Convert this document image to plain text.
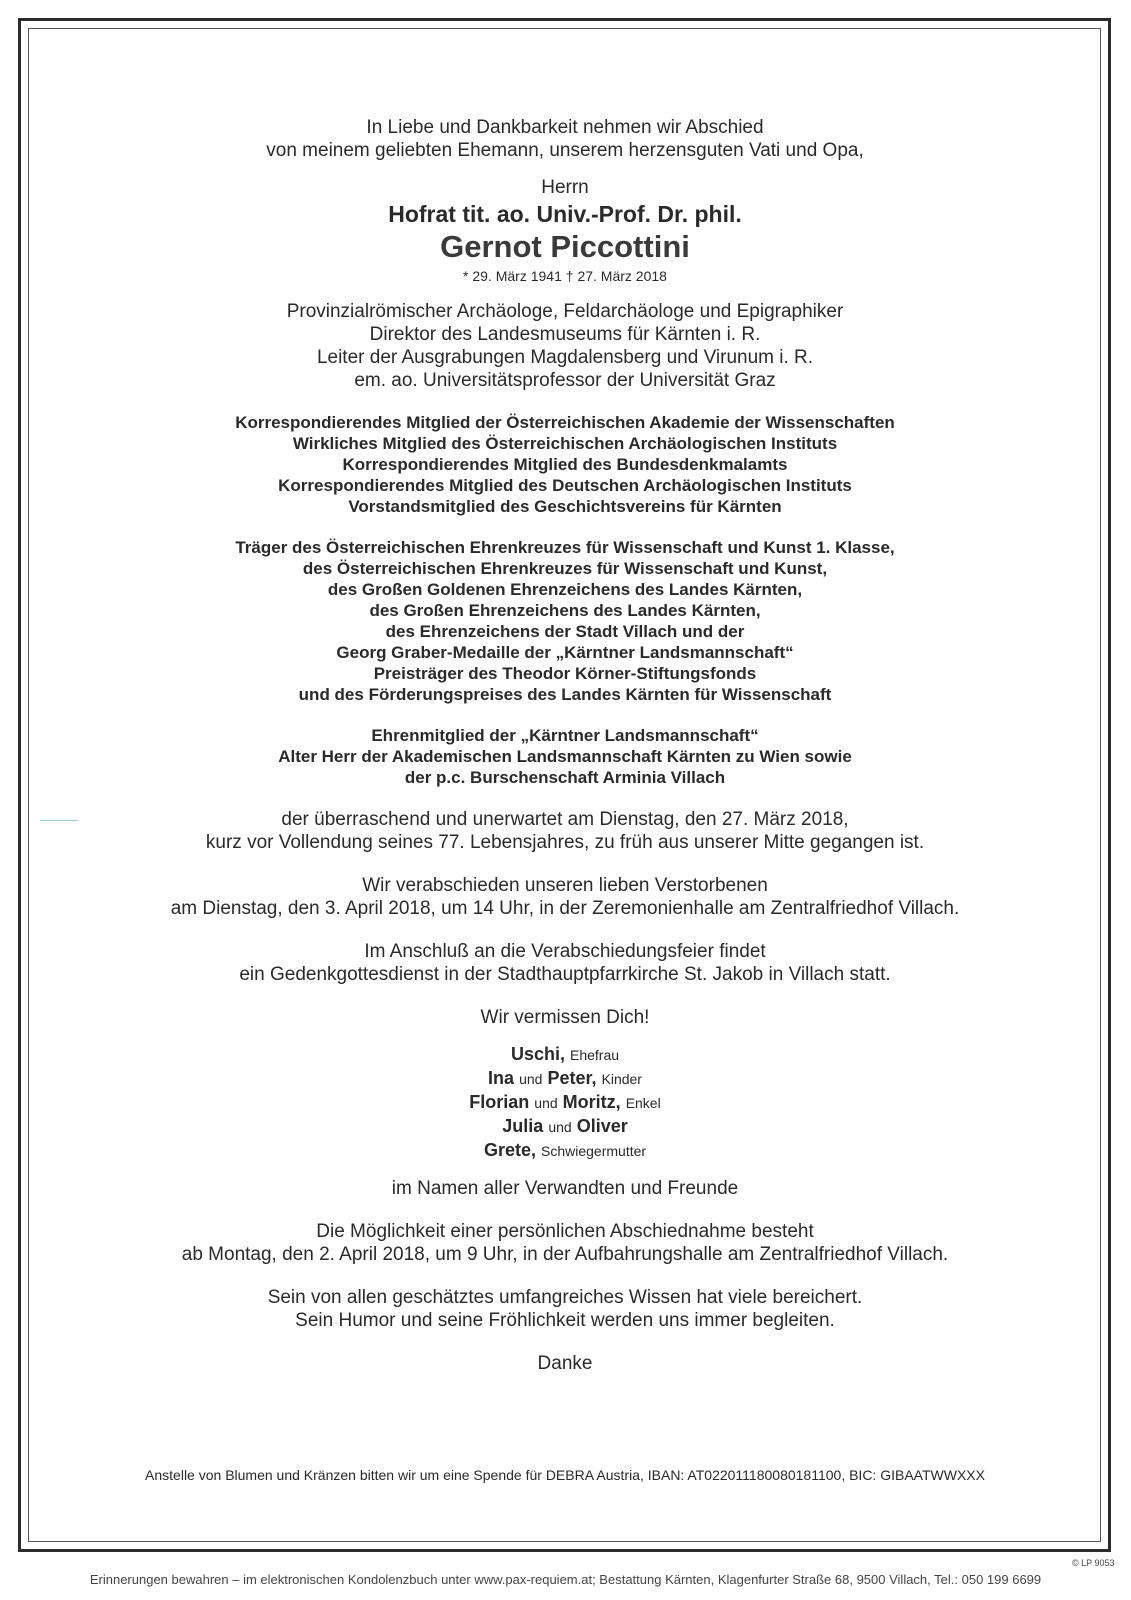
In Liebe und Dankbarkeit nehmen wir Abschied
von meinem geliebten Ehemann, unserem herzensguten Vati und Opa,
Herrn
Hofrat tit. ao. Univ.-Prof. Dr. phil.
Gernot Piccottini
* 29. März 1941 † 27. März 2018
Provinzialrömischer Archäologe, Feldarchäologe und Epigraphiker
Direktor des Landesmuseums für Kärnten i. R.
Leiter der Ausgrabungen Magdalensberg und Virunum i. R.
em. ao. Universitätsprofessor der Universität Graz
Korrespondierendes Mitglied der Österreichischen Akademie der Wissenschaften
Wirkliches Mitglied des Österreichischen Archäologischen Instituts
Korrespondierendes Mitglied des Bundesdenkmalamts
Korrespondierendes Mitglied des Deutschen Archäologischen Instituts
Vorstandsmitglied des Geschichtsvereins für Kärnten
Träger des Österreichischen Ehrenkreuzes für Wissenschaft und Kunst 1. Klasse,
des Österreichischen Ehrenkreuzes für Wissenschaft und Kunst,
des Großen Goldenen Ehrenzeichens des Landes Kärnten,
des Großen Ehrenzeichens des Landes Kärnten,
des Ehrenzeichens der Stadt Villach und der
Georg Graber-Medaille der „Kärntner Landsmannschaft“
Preisträger des Theodor Körner-Stiftungsfonds
und des Förderungspreises des Landes Kärnten für Wissenschaft
Ehrenmitglied der „Kärntner Landsmannschaft“
Alter Herr der Akademischen Landsmannschaft Kärnten zu Wien sowie
der p.c. Burschenschaft Arminia Villach
der überraschend und unerwartet am Dienstag, den 27. März 2018,
kurz vor Vollendung seines 77. Lebensjahres, zu früh aus unserer Mitte gegangen ist.
Wir verabschieden unseren lieben Verstorbenen
am Dienstag, den 3. April 2018, um 14 Uhr, in der Zeremonienhalle am Zentralfriedhof Villach.
Im Anschluß an die Verabschiedungsfeier findet
ein Gedenkgottesdienst in der Stadthauptpfarrkirche St. Jakob in Villach statt.
Wir vermissen Dich!
Uschi, Ehefrau
Ina und Peter, Kinder
Florian und Moritz, Enkel
Julia und Oliver
Grete, Schwiegermutter
im Namen aller Verwandten und Freunde
Die Möglichkeit einer persönlichen Abschiednahme besteht
ab Montag, den 2. April 2018, um 9 Uhr, in der Aufbahrungshalle am Zentralfriedhof Villach.
Sein von allen geschätztes umfangreiches Wissen hat viele bereichert.
Sein Humor und seine Fröhlichkeit werden uns immer begleiten.
Danke
Anstelle von Blumen und Kränzen bitten wir um eine Spende für DEBRA Austria, IBAN: AT022011180080181100, BIC: GIBAATWWXXX
© LP 9053
Erinnerungen bewahren – im elektronischen Kondolenzbuch unter www.pax-requiem.at; Bestattung Kärnten, Klagenfurter Straße 68, 9500 Villach, Tel.: 050 199 6699
